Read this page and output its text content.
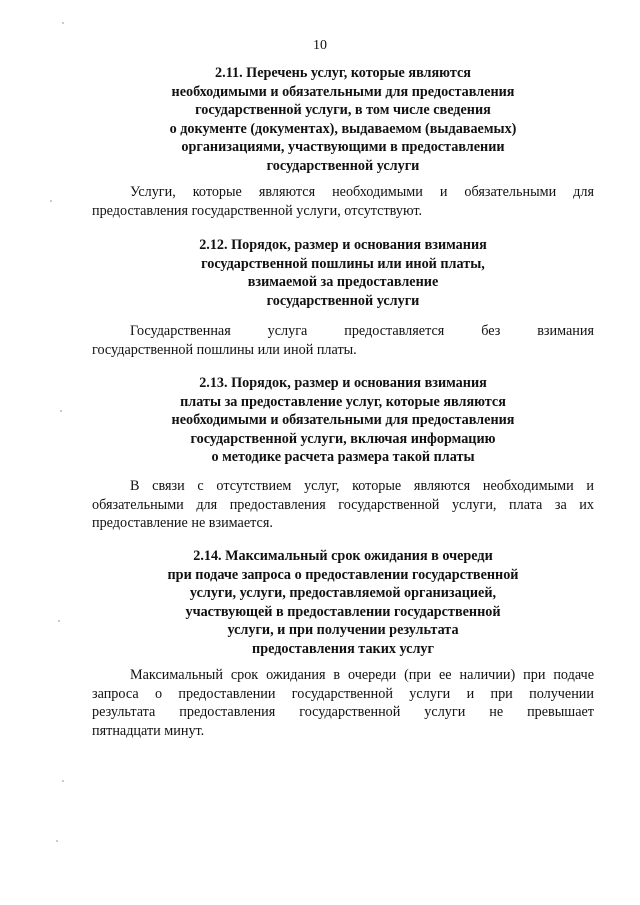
10
2.11. Перечень услуг, которые являются
необходимыми и обязательными для предоставления
государственной услуги, в том числе сведения
о документе (документах), выдаваемом (выдаваемых)
организациями, участвующими в предоставлении
государственной услуги
Услуги, которые являются необходимыми и обязательными для
предоставления государственной услуги, отсутствуют.
2.12. Порядок, размер и основания взимания
государственной пошлины или иной платы,
взимаемой за предоставление
государственной услуги
Государственная услуга предоставляется без взимания
государственной пошлины или иной платы.
2.13. Порядок, размер и основания взимания
платы за предоставление услуг, которые являются
необходимыми и обязательными для предоставления
государственной услуги, включая информацию
о методике расчета размера такой платы
В связи с отсутствием услуг, которые являются необходимыми и
обязательными для предоставления государственной услуги, плата за их
предоставление не взимается.
2.14. Максимальный срок ожидания в очереди
при подаче запроса о предоставлении государственной
услуги, услуги, предоставляемой организацией,
участвующей в предоставлении государственной
услуги, и при получении результата
предоставления таких услуг
Максимальный срок ожидания в очереди (при ее наличии) при подаче
запроса о предоставлении государственной услуги и при получении
результата предоставления государственной услуги не превышает
пятнадцати минут.
